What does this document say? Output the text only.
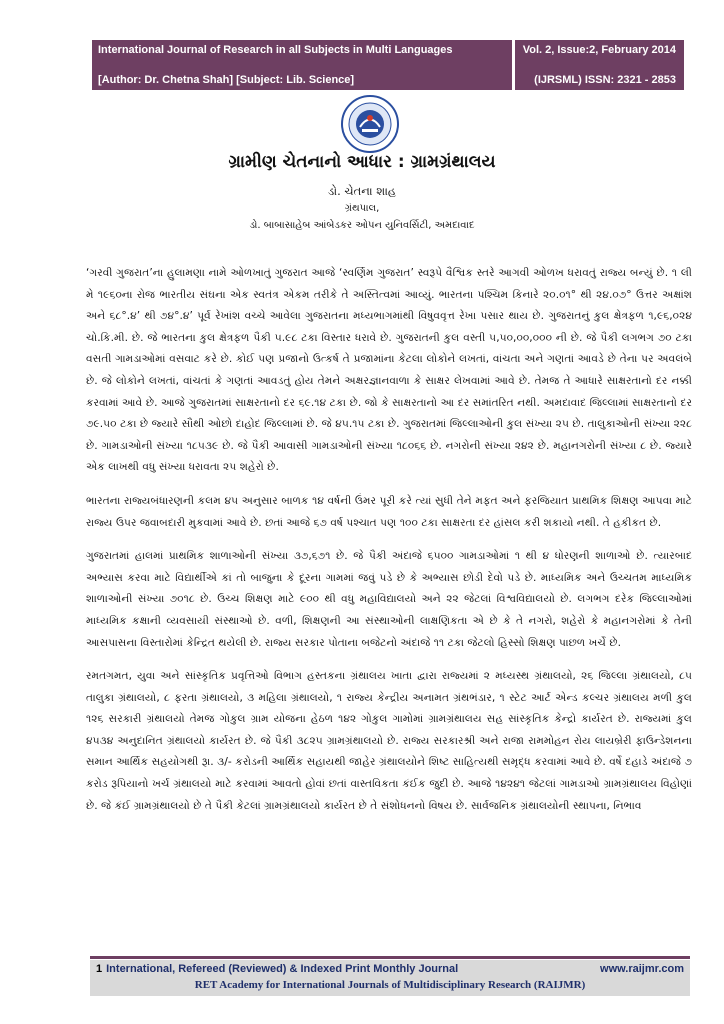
International Journal of Research in all Subjects in Multi Languages
[Author: Dr. Chetna Shah] [Subject: Lib. Science]
Vol. 2, Issue:2, February 2014
(IJRSML) ISSN: 2321 - 2853
ગ્રામીણ ચેતનાનો આધાર : ગ્રામગ્રંથાલય
ડો. ચેતના શાહ
ગ્રંથપાલ,
ડો. બાબાસાહેબ આંબેડકર ઓપન યુનિવર્સિટી, અમદાવાદ

‘ગરવી ગુજરાત’ના હુલામણા નામે ઓળખાતું ગુજરાત આજે ‘સ્વર્ણિમ ગુજરાત’ સ્વરૂપે વૈશ્વિક સ્તરે આગવી ઓળખ ધરાવતું રાજ્ય બન્યું છે. ૧ લી મે ૧૯૬૦ના રોજ ભારતીય સંઘના એક સ્વતંત્ર એકમ તરીકે તે અસ્તિત્વમાં આવ્યું. ભારતના પશ્ચિમ કિનારે ૨૦.૦૧° થી ૨૪.૦૭° ઉત્તર અક્ષાંશ અને ૬૮°.૪’ થી ૭૪°.૪’ પૂર્વ રેખાંશ વચ્ચે આવેલા ગુજરાતના મધ્યભાગમાંથી વિષુવવૃત્ત રેખા પસાર થાય છે. ગુજરાતનું કુલ ક્ષેત્રફળ ૧,૯૬,૦૨૪ ચો.કિ.મી. છે. જે ભારતના કુલ ક્ષેત્રફળ પૈકી ૫.૯૮ ટકા વિસ્તાર ધરાવે છે. ગુજરાતની કુલ વસ્તી ૫,૫૦,૦૦,૦૦૦ ની છે. જે પૈકી લગભગ ૭૦ ટકા વસતી ગામડાઓમાં વસવાટ કરે છે. કોઈ પણ પ્રજાનો ઉત્કર્ષ તે પ્રજામાંના કેટલા લોકોને લખતાં, વાંચતા અને ગણતાં આવડે છે તેના પર અવલંબે છે. જે લોકોને લખતાં, વાંચતાં કે ગણતાં આવડતું હોય તેમને અક્ષરજ્ઞાનવાળા કે સાક્ષર લેખવામાં આવે છે. તેમજ તે આધારે સાક્ષરતાનો દર નક્કી કરવામાં આવે છે. આજે ગુજરાતમાં સાક્ષરતાનો દર ૬૯.૧૪ ટકા છે. જો કે સાક્ષરતાનો આ દર સમાંતરિત નથી. અમદાવાદ જિલ્લામાં સાક્ષરતાનો દર ૭૯.૫૦ ટકા છે જ્યારે સૌથી ઓછો દાહોદ જિલ્લામાં છે. જે ૪૫.૧૫ ટકા છે. ગુજરાતમાં જિલ્લાઓની કુલ સંખ્યા ૨૫ છે. તાલુકાઓની સંખ્યા ૨૨૮ છે. ગામડાઓની સંખ્યા ૧૮૫૩૯ છે. જે પૈકી આવાસી ગામડાઓની સંખ્યા ૧૮૦૬૬ છે. નગરોની સંખ્યા ૨૪૨ છે. મહાનગરોની સંખ્યા ૮ છે. જ્યારે એક લાખથી વધુ સંખ્યા ધરાવતા ૨૫ શહેરો છે.

ભારતના રાજ્યબંધારણની કલમ ૪૫ અનુસાર બાળક ૧૪ વર્ષની ઉંમર પૂરી કરે ત્યાં સુધી તેને મફત અને ફરજિયાત પ્રાથમિક શિક્ષણ આપવા માટે રાજ્ય ઉપર જવાબદારી મુકવામાં આવે છે. છતાં આજે ૬૭ વર્ષ પશ્ચાત પણ ૧૦૦ ટકા સાક્ષરતા દર હાંસલ કરી શકાયો નથી. તે હકીકત છે.

ગુજરાતમાં હાલમાં પ્રાથમિક શાળાઓની સંખ્યા ૩૭,૬૭૧ છે. જે પૈકી અંદાજે ૬૫૦૦ ગામડાઓમાં ૧ થી ૪ ધોરણની શાળાઓ છે. ત્યારબાદ અભ્યાસ કરવા માટે વિદ્યાર્થીએ કાં તો બાજુના કે દૂરના ગામમાં જવું પડે છે કે અભ્યાસ છોડી દેવો પડે છે. માધ્યમિક અને ઉચ્ચતમ માધ્યમિક શાળાઓની સંખ્યા ૭૦૧૮ છે. ઉચ્ચ શિક્ષણ માટે ૯૦૦ થી વધુ મહાવિદ્યાલયો અને ૨૨ જેટલાં વિશ્વવિદ્યાલયો છે. લગભગ દરેક જિલ્લાઓમાં માધ્યમિક કક્ષાની વ્યવસાયી સંસ્થાઓ છે. વળી, શિક્ષણની આ સંસ્થાઓની લાક્ષણિકતા એ છે કે તે નગરો, શહેરો કે મહાનગરોમાં કે તેની આસપાસના વિસ્તારોમાં કેન્દ્રિત થયેલી છે. રાજ્ય સરકાર પોતાના બજેટનો અંદાજે ૧૧ ટકા જેટલો હિસ્સો શિક્ષણ પાછળ ખર્ચે છે.

રમતગમત, યુવા અને સાંસ્કૃતિક પ્રવૃત્તિઓ વિભાગ હસ્તકના ગ્રંથાલય ખાતા દ્વારા રાજ્યમાં ૨ મધ્યસ્થ ગ્રંથાલયો, ૨૬ જિલ્લા ગ્રંથાલયો, ૮૫ તાલુકા ગ્રંથાલયો, ૮ ફરતા ગ્રંથાલયો, ૩ મહિલા ગ્રંથાલયો, ૧ રાજ્ય કેન્દ્રીય અનામત ગ્રંથભંડાર, ૧ સ્ટેટ આર્ટ એન્ડ કલ્ચર ગ્રંથાલય મળી કુલ ૧૨૬ સરકારી ગ્રંથાલયો તેમજ ગોકુલ ગ્રામ યોજના હેઠળ ૧૪૨ ગોકુલ ગામોમાં ગ્રામગ્રંથાલય સહ સાંસ્કૃતિક કેન્દ્રો કાર્યરત છે. રાજ્યમાં કુલ ૪૫૩૪ અનુદાનિત ગ્રંથાલયો કાર્યરત છે. જે પૈકી ૩૮૨૫ ગ્રામગ્રંથાલયો છે. રાજ્ય સરકારશ્રી અને રાજા રામમોહન રોય લાયબ્રેરી ફાઉન્ડેશનના સમાન આર્થિક સહયોગથી રૂા. ૩/- કરોડની આર્થિક સહાયથી જાહેર ગ્રંથાલયોને શિષ્ટ સાહિત્યથી સમૃદ્ધ કરવામાં આવે છે. વર્ષે દહાડે અંદાજે ૭ કરોડ રૂપિયાનો ખર્ચ ગ્રંથાલયો માટે કરવામાં આવતો હોવાં છતાં વાસ્તવિકતા કંઈક જુદી છે. આજે ૧૪૨૪૧ જેટલાં ગામડાઓ ગ્રામગ્રંથાલય વિહોણાં છે. જે કંઈ ગ્રામગ્રંથાલયો છે તે પૈકી કેટલાં ગ્રામગ્રંથાલયો કાર્યરત છે તે સંશોધનનો વિષય છે. સાર્વજનિક ગ્રંથાલયોની સ્થાપના, નિભાવ

1 International, Refereed (Reviewed) & Indexed Print Monthly Journal	www.raijmr.com
RET Academy for International Journals of Multidisciplinary Research (RAIJMR)
